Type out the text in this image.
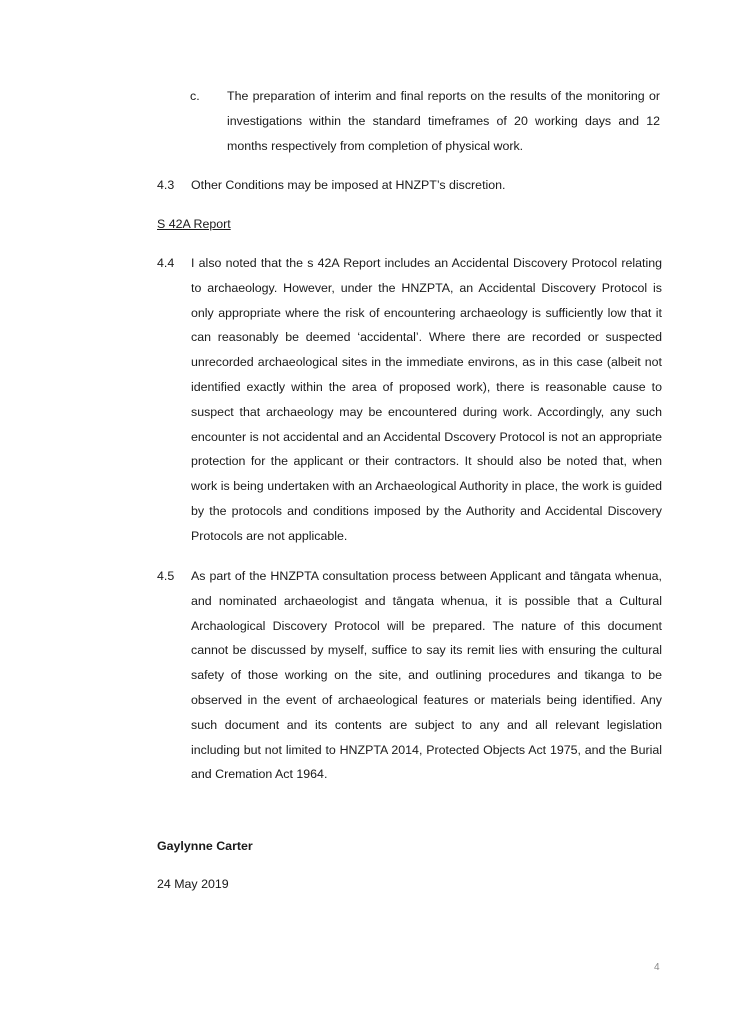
c. The preparation of interim and final reports on the results of the monitoring or investigations within the standard timeframes of 20 working days and 12 months respectively from completion of physical work.
4.3 Other Conditions may be imposed at HNZPT’s discretion.
S 42A Report
4.4 I also noted that the s 42A Report includes an Accidental Discovery Protocol relating to archaeology. However, under the HNZPTA, an Accidental Discovery Protocol is only appropriate where the risk of encountering archaeology is sufficiently low that it can reasonably be deemed ‘accidental’. Where there are recorded or suspected unrecorded archaeological sites in the immediate environs, as in this case (albeit not identified exactly within the area of proposed work), there is reasonable cause to suspect that archaeology may be encountered during work. Accordingly, any such encounter is not accidental and an Accidental Dscovery Protocol is not an appropriate protection for the applicant or their contractors. It should also be noted that, when work is being undertaken with an Archaeological Authority in place, the work is guided by the protocols and conditions imposed by the Authority and Accidental Discovery Protocols are not applicable.
4.5 As part of the HNZPTA consultation process between Applicant and tāngata whenua, and nominated archaeologist and tāngata whenua, it is possible that a Cultural Archaological Discovery Protocol will be prepared. The nature of this document cannot be discussed by myself, suffice to say its remit lies with ensuring the cultural safety of those working on the site, and outlining procedures and tikanga to be observed in the event of archaeological features or materials being identified. Any such document and its contents are subject to any and all relevant legislation including but not limited to HNZPTA 2014, Protected Objects Act 1975, and the Burial and Cremation Act 1964.
Gaylynne Carter
24 May 2019
4
